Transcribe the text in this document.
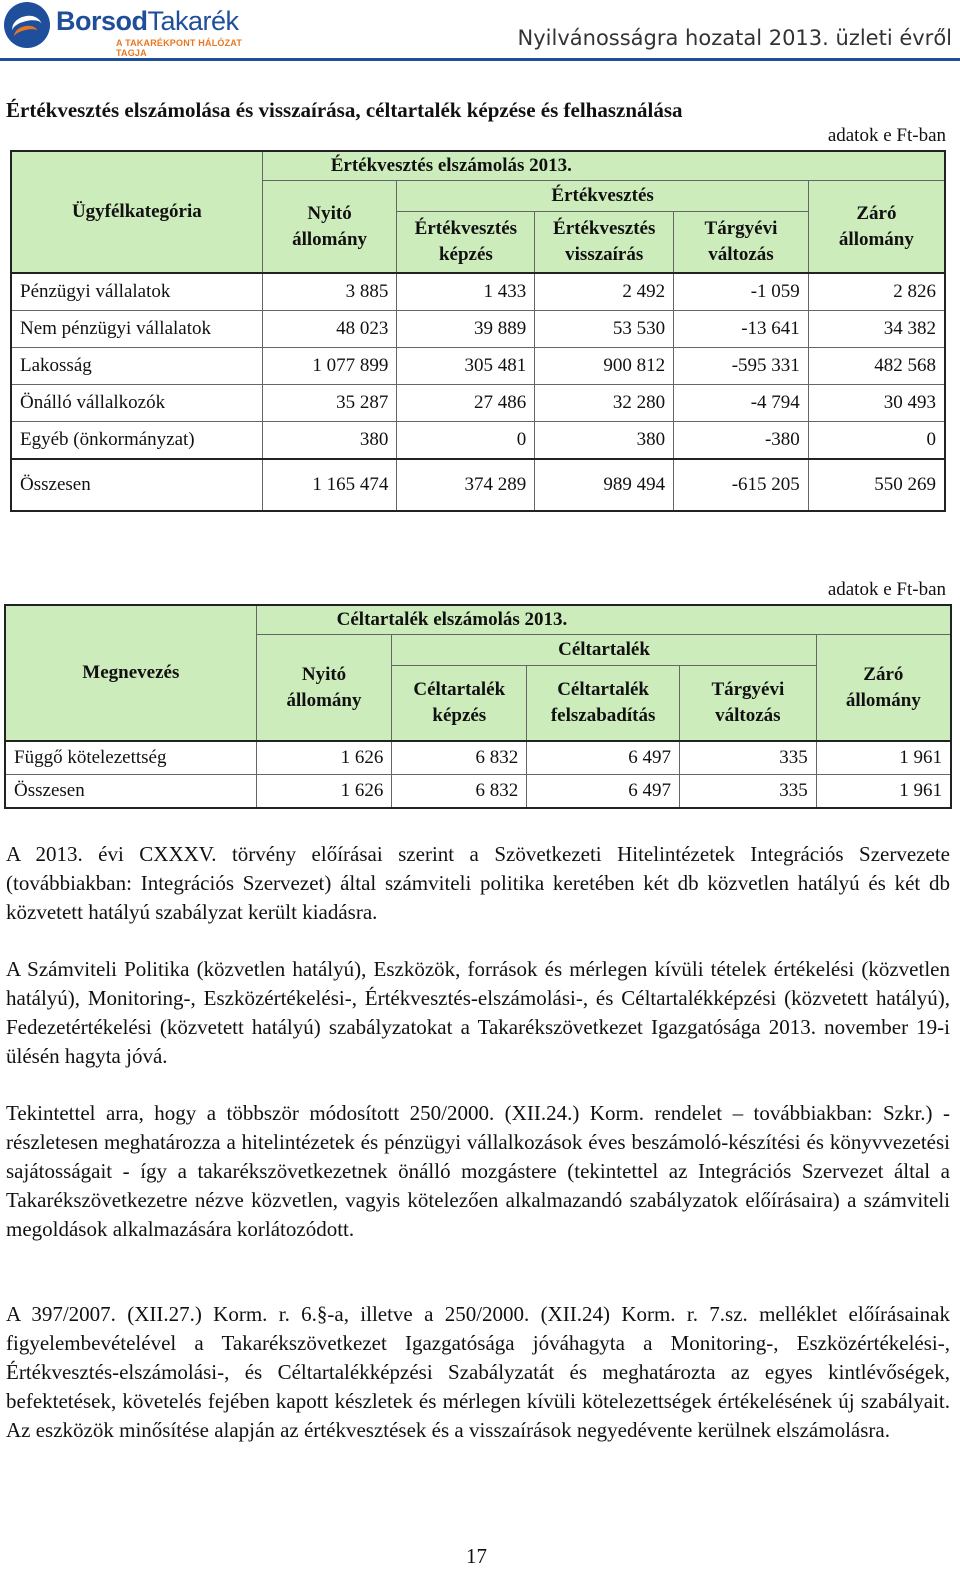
BorsodTakarék
A TAKARÉKPONT HÁLÓZAT TAGJA
Nyilvánosságra hozatal 2013. üzleti évről
Értékvesztés elszámolása és visszaírása, céltartalék képzése és felhasználása
adatok e Ft-ban
Ügyfélkategória	Értékvesztés elszámolás 2013.				
	Nyitó állomány	Értékvesztés			Záró állomány
		Értékvesztés képzés	Értékvesztés visszaírás	Tárgyévi változás	
Pénzügyi vállalatok	3 885	1 433	2 492	-1 059	2 826
Nem pénzügyi vállalatok	48 023	39 889	53 530	-13 641	34 382
Lakosság	1 077 899	305 481	900 812	-595 331	482 568
Önálló vállalkozók	35 287	27 486	32 280	-4 794	30 493
Egyéb (önkormányzat)	380	0	380	-380	0
Összesen	1 165 474	374 289	989 494	-615 205	550 269
adatok e Ft-ban
Megnevezés	Céltartalék elszámolás 2013.				
	Nyitó állomány	Céltartalék			Záró állomány
		Céltartalék képzés	Céltartalék felszabadítás	Tárgyévi változás	
Függő kötelezettség	1 626	6 832	6 497	335	1 961
Összesen	1 626	6 832	6 497	335	1 961

A 2013. évi CXXXV. törvény előírásai szerint a Szövetkezeti Hitelintézetek Integrációs Szervezete (továbbiakban: Integrációs Szervezet) által számviteli politika keretében két db közvetlen hatályú és két db közvetett hatályú szabályzat került kiadásra.

A Számviteli Politika (közvetlen hatályú), Eszközök, források és mérlegen kívüli tételek értékelési (közvetlen hatályú), Monitoring-, Eszközértékelési-, Értékvesztés-elszámolási-, és Céltartalékképzési (közvetett hatályú), Fedezetértékelési (közvetett hatályú) szabályzatokat a Takarékszövetkezet Igazgatósága 2013. november 19-i ülésén hagyta jóvá.

Tekintettel arra, hogy a többször módosított 250/2000. (XII.24.) Korm. rendelet – továbbiakban: Szkr.) - részletesen meghatározza a hitelintézetek és pénzügyi vállalkozások éves beszámoló-készítési és könyvvezetési sajátosságait - így a takarékszövetkezetnek önálló mozgástere (tekintettel az Integrációs Szervezet által a Takarékszövetkezetre nézve közvetlen, vagyis kötelezően alkalmazandó szabályzatok előírásaira) a számviteli megoldások alkalmazására korlátozódott.

A 397/2007. (XII.27.) Korm. r. 6.§-a, illetve a 250/2000. (XII.24) Korm. r. 7.sz. melléklet előírásainak figyelembevételével a Takarékszövetkezet Igazgatósága jóváhagyta a Monitoring-, Eszközértékelési-, Értékvesztés-elszámolási-, és Céltartalékképzési Szabályzatát és meghatározta az egyes kintlévőségek, befektetések, követelés fejében kapott készletek és mérlegen kívüli kötelezettségek értékelésének új szabályait. Az eszközök minősítése alapján az értékvesztések és a visszaírások negyedévente kerülnek elszámolásra.

17
